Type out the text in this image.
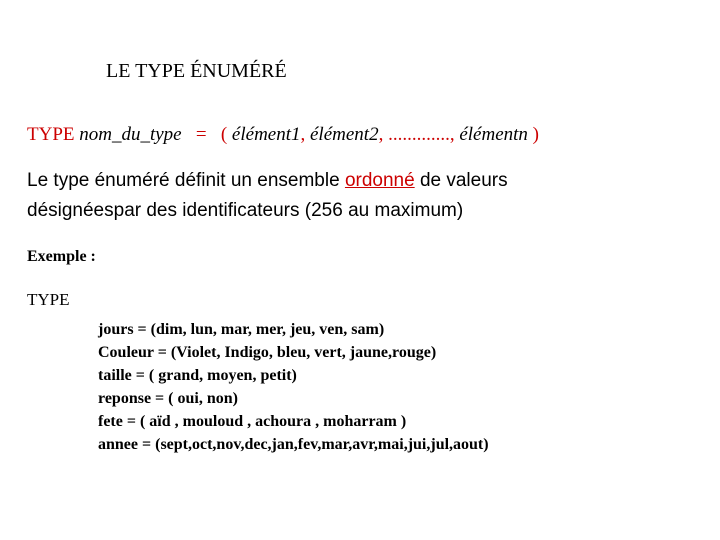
LE TYPE ÉNUMÉRÉ
TYPE nom_du_type   =   ( élément1, élément2, ............., élémentn )
Le type énuméré définit un ensemble ordonné de valeurs
désignéespar des identificateurs (256 au maximum)
Exemple :
TYPE
jours = (dim, lun, mar, mer, jeu, ven, sam)
Couleur = (Violet, Indigo, bleu, vert, jaune,rouge)
taille = ( grand, moyen, petit)
reponse = ( oui, non)
fete = ( aïd , mouloud , achoura , moharram )
annee = (sept,oct,nov,dec,jan,fev,mar,avr,mai,jui,jul,aout)
